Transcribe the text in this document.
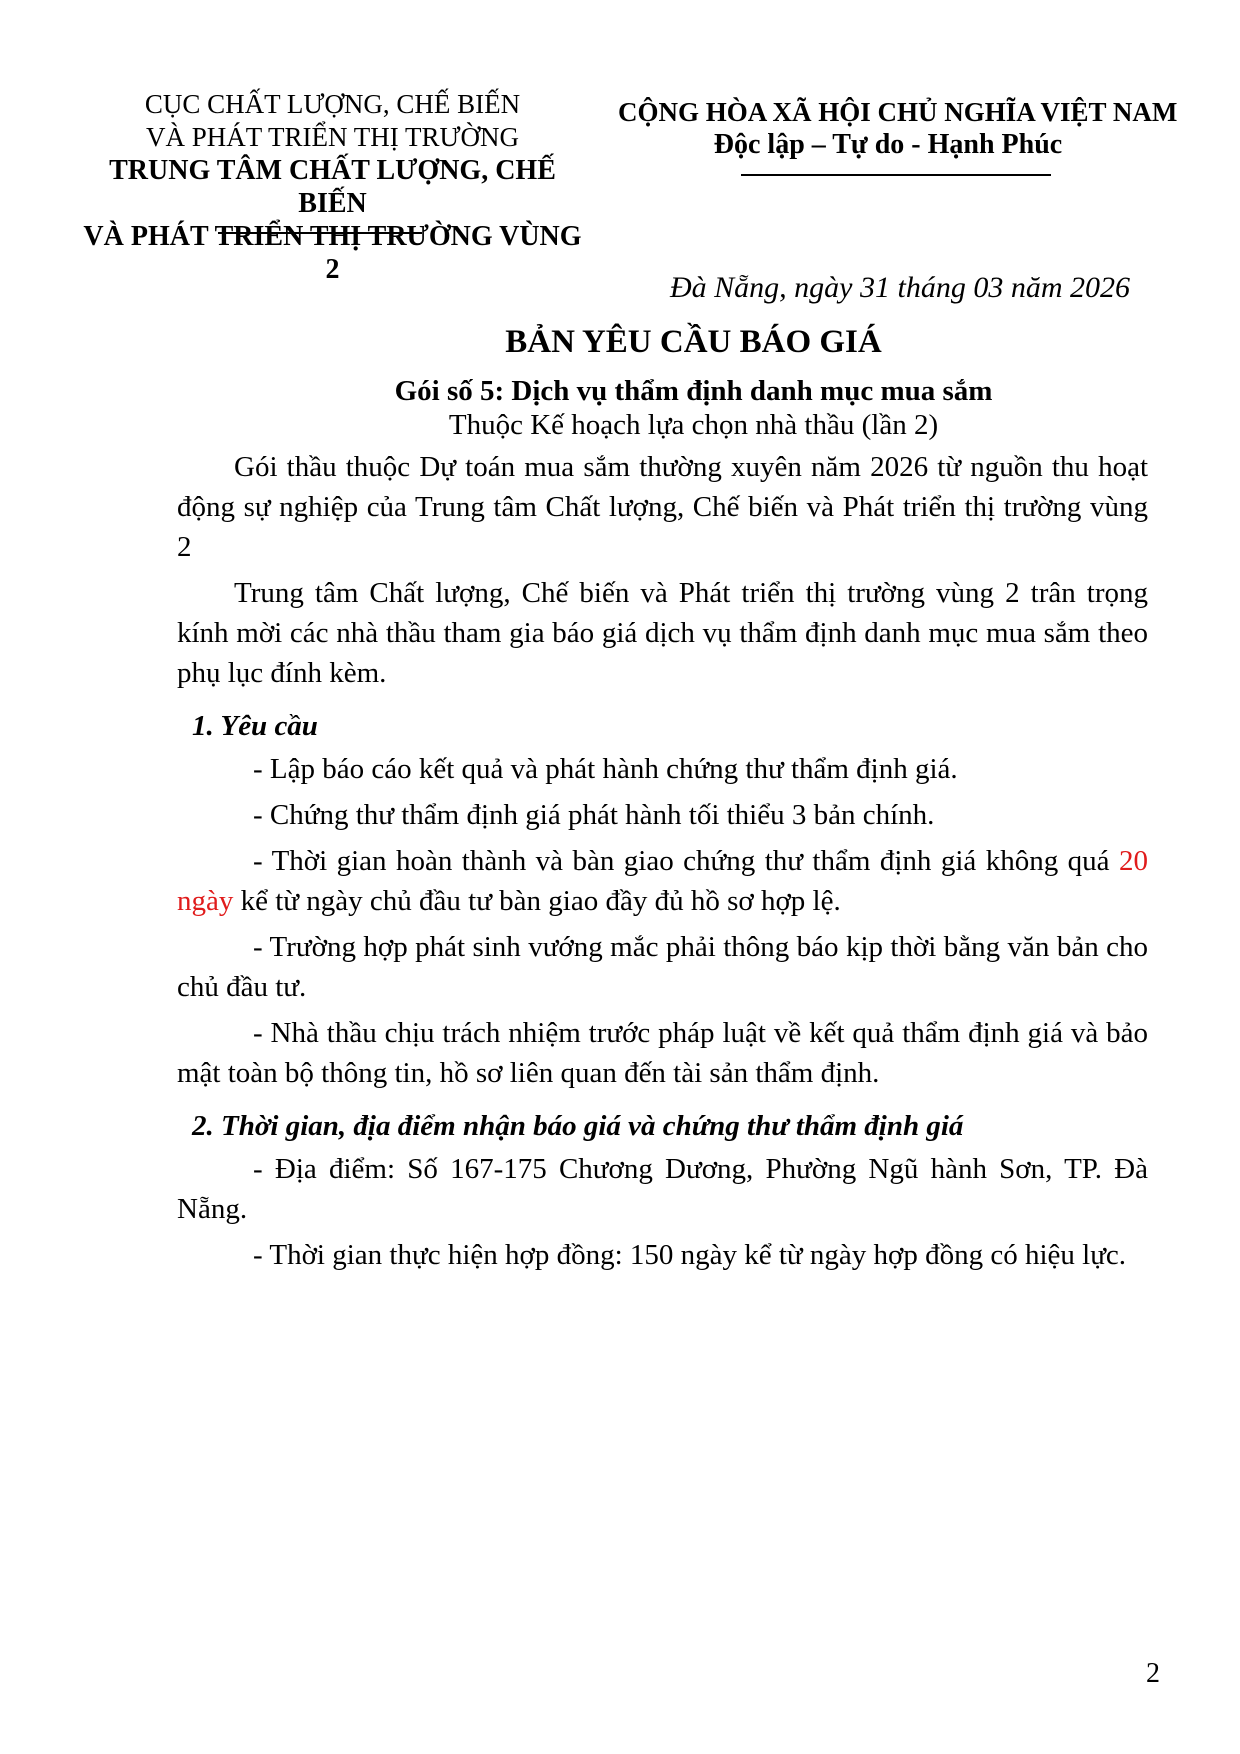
CỤC CHẤT LƯỢNG, CHẾ BIẾN
VÀ PHÁT TRIỂN THỊ TRƯỜNG
TRUNG TÂM CHẤT LƯỢNG, CHẾ BIẾN
VÀ PHÁT TRIỂN THỊ TRƯỜNG VÙNG 2
CỘNG HÒA XÃ HỘI CHỦ NGHĨA VIỆT NAM
Độc lập – Tự do - Hạnh Phúc
Đà Nẵng, ngày 31 tháng 03 năm 2026
BẢN YÊU CẦU BÁO GIÁ
Gói số 5: Dịch vụ thẩm định danh mục mua sắm
Thuộc Kế hoạch lựa chọn nhà thầu (lần 2)

Gói thầu thuộc Dự toán mua sắm thường xuyên năm 2026 từ nguồn thu hoạt động sự nghiệp của Trung tâm Chất lượng, Chế biến và Phát triển thị trường vùng 2

Trung tâm Chất lượng, Chế biến và Phát triển thị trường vùng 2 trân trọng kính mời các nhà thầu tham gia báo giá dịch vụ thẩm định danh mục mua sắm theo phụ lục đính kèm.

1. Yêu cầu

- Lập báo cáo kết quả và phát hành chứng thư thẩm định giá.

- Chứng thư thẩm định giá phát hành tối thiểu 3 bản chính.

- Thời gian hoàn thành và bàn giao chứng thư thẩm định giá không quá 20 ngày kể từ ngày chủ đầu tư bàn giao đầy đủ hồ sơ hợp lệ.

- Trường hợp phát sinh vướng mắc phải thông báo kịp thời bằng văn bản cho chủ đầu tư.

- Nhà thầu chịu trách nhiệm trước pháp luật về kết quả thẩm định giá và bảo mật toàn bộ thông tin, hồ sơ liên quan đến tài sản thẩm định.

2. Thời gian, địa điểm nhận báo giá và chứng thư thẩm định giá

- Địa điểm: Số 167-175 Chương Dương, Phường Ngũ hành Sơn, TP. Đà Nẵng.

- Thời gian thực hiện hợp đồng: 150 ngày kể từ ngày hợp đồng có hiệu lực.

2
